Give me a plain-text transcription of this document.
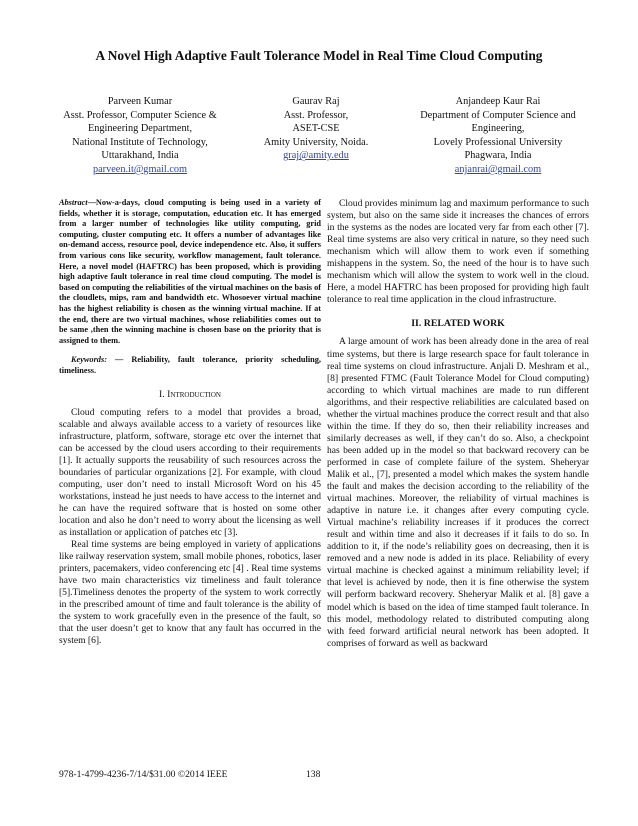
A Novel High Adaptive Fault Tolerance Model in Real Time Cloud Computing
Parveen Kumar
Asst. Professor, Computer Science &
Engineering Department,
National Institute of Technology,
Uttarakhand, India
parveen.it@gmail.com
Gaurav Raj
Asst. Professor,
ASET-CSE
Amity University, Noida.
graj@amity.edu
Anjandeep Kaur Rai
Department of Computer Science and
Engineering,
Lovely Professional University
Phagwara, India
anjanrai@gmail.com

Abstract—Now-a-days, cloud computing is being used in a variety of fields, whether it is storage, computation, education etc. It has emerged from a larger number of technologies like utility computing, grid computing, cluster computing etc. It offers a number of advantages like on-demand access, resource pool, device independence etc. Also, it suffers from various cons like security, workflow management, fault tolerance. Here, a novel model (HAFTRC) has been proposed, which is providing high adaptive fault tolerance in real time cloud computing. The model is based on computing the reliabilities of the virtual machines on the basis of the cloudlets, mips, ram and bandwidth etc. Whosoever virtual machine has the highest reliability is chosen as the winning virtual machine. If at the end, there are two virtual machines, whose reliabilities comes out to be same ,then the winning machine is chosen base on the priority that is assigned to them.

Keywords: — Reliability, fault tolerance, priority scheduling, timeliness.

I. Introduction

Cloud computing refers to a model that provides a broad, scalable and always available access to a variety of resources like infrastructure, platform, software, storage etc over the internet that can be accessed by the cloud users according to their requirements [1]. It actually supports the reusability of such resources across the boundaries of particular organizations [2]. For example, with cloud computing, user don’t need to install Microsoft Word on his 45 workstations, instead he just needs to have access to the internet and he can have the required software that is hosted on some other location and also he don’t need to worry about the licensing as well as installation or application of patches etc [3].

Real time systems are being employed in variety of applications like railway reservation system, small mobile phones, robotics, laser printers, pacemakers, video conferencing etc [4] . Real time systems have two main characteristics viz timeliness and fault tolerance [5].Timeliness denotes the property of the system to work correctly in the prescribed amount of time and fault tolerance is the ability of the system to work gracefully even in the presence of the fault, so that the user doesn’t get to know that any fault has occurred in the system [6].

Cloud provides minimum lag and maximum performance to such system, but also on the same side it increases the chances of errors in the systems as the nodes are located very far from each other [7]. Real time systems are also very critical in nature, so they need such mechanism which will allow them to work even if something mishappens in the system. So, the need of the hour is to have such mechanism which will allow the system to work well in the cloud. Here, a model HAFTRC has been proposed for providing high fault tolerance to real time application in the cloud infrastructure.

II. RELATED WORK

A large amount of work has been already done in the area of real time systems, but there is large research space for fault tolerance in real time systems on cloud infrastructure. Anjali D. Meshram et al., [8] presented FTMC (Fault Tolerance Model for Cloud computing) according to which virtual machines are made to run different algorithms, and their respective reliabilities are calculated based on whether the virtual machines produce the correct result and that also within the time. If they do so, then their reliability increases and similarly decreases as well, if they can’t do so. Also, a checkpoint has been added up in the model so that backward recovery can be performed in case of complete failure of the system. Sheheryar Malik et al., [7], presented a model which makes the system handle the fault and makes the decision according to the reliability of the virtual machines. Moreover, the reliability of virtual machines is adaptive in nature i.e. it changes after every computing cycle. Virtual machine’s reliability increases if it produces the correct result and within time and also it decreases if it fails to do so. In addition to it, if the node’s reliability goes on decreasing, then it is removed and a new node is added in its place. Reliability of every virtual machine is checked against a minimum reliability level; if that level is achieved by node, then it is fine otherwise the system will perform backward recovery. Sheheryar Malik et al. [8] gave a model which is based on the idea of time stamped fault tolerance. In this model, methodology related to distributed computing along with feed forward artificial neural network has been adopted. It comprises of forward as well as backward

978-1-4799-4236-7/14/$31.00 ©2014 IEEE	138
